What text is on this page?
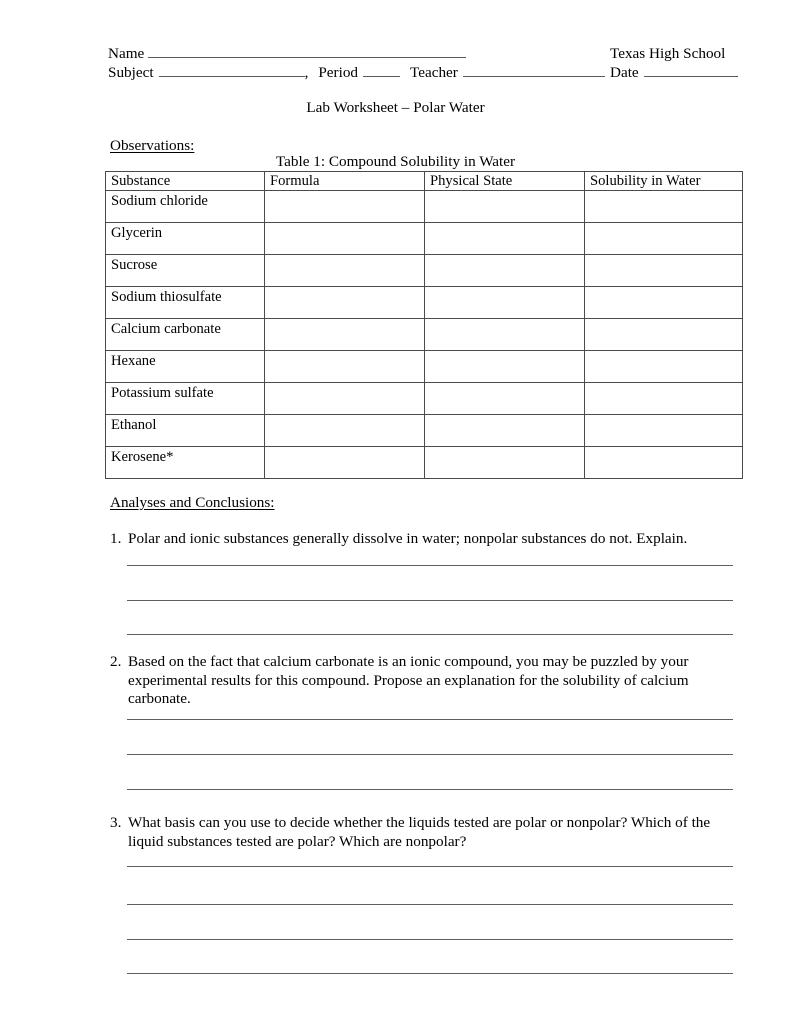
Name	Texas High School
Subject	, Period	Teacher	Date
Lab Worksheet – Polar Water
Observations:
Table 1: Compound Solubility in Water
Substance	Formula	Physical State	Solubility in Water
Sodium chloride			
Glycerin			
Sucrose			
Sodium thiosulfate			
Calcium carbonate			
Hexane			
Potassium sulfate			
Ethanol			
Kerosene*			
Analyses and Conclusions:
1. Polar and ionic substances generally dissolve in water; nonpolar substances do not. Explain.
2. Based on the fact that calcium carbonate is an ionic compound, you may be puzzled by your experimental results for this compound. Propose an explanation for the solubility of calcium carbonate.
3. What basis can you use to decide whether the liquids tested are polar or nonpolar? Which of the liquid substances tested are polar? Which are nonpolar?
